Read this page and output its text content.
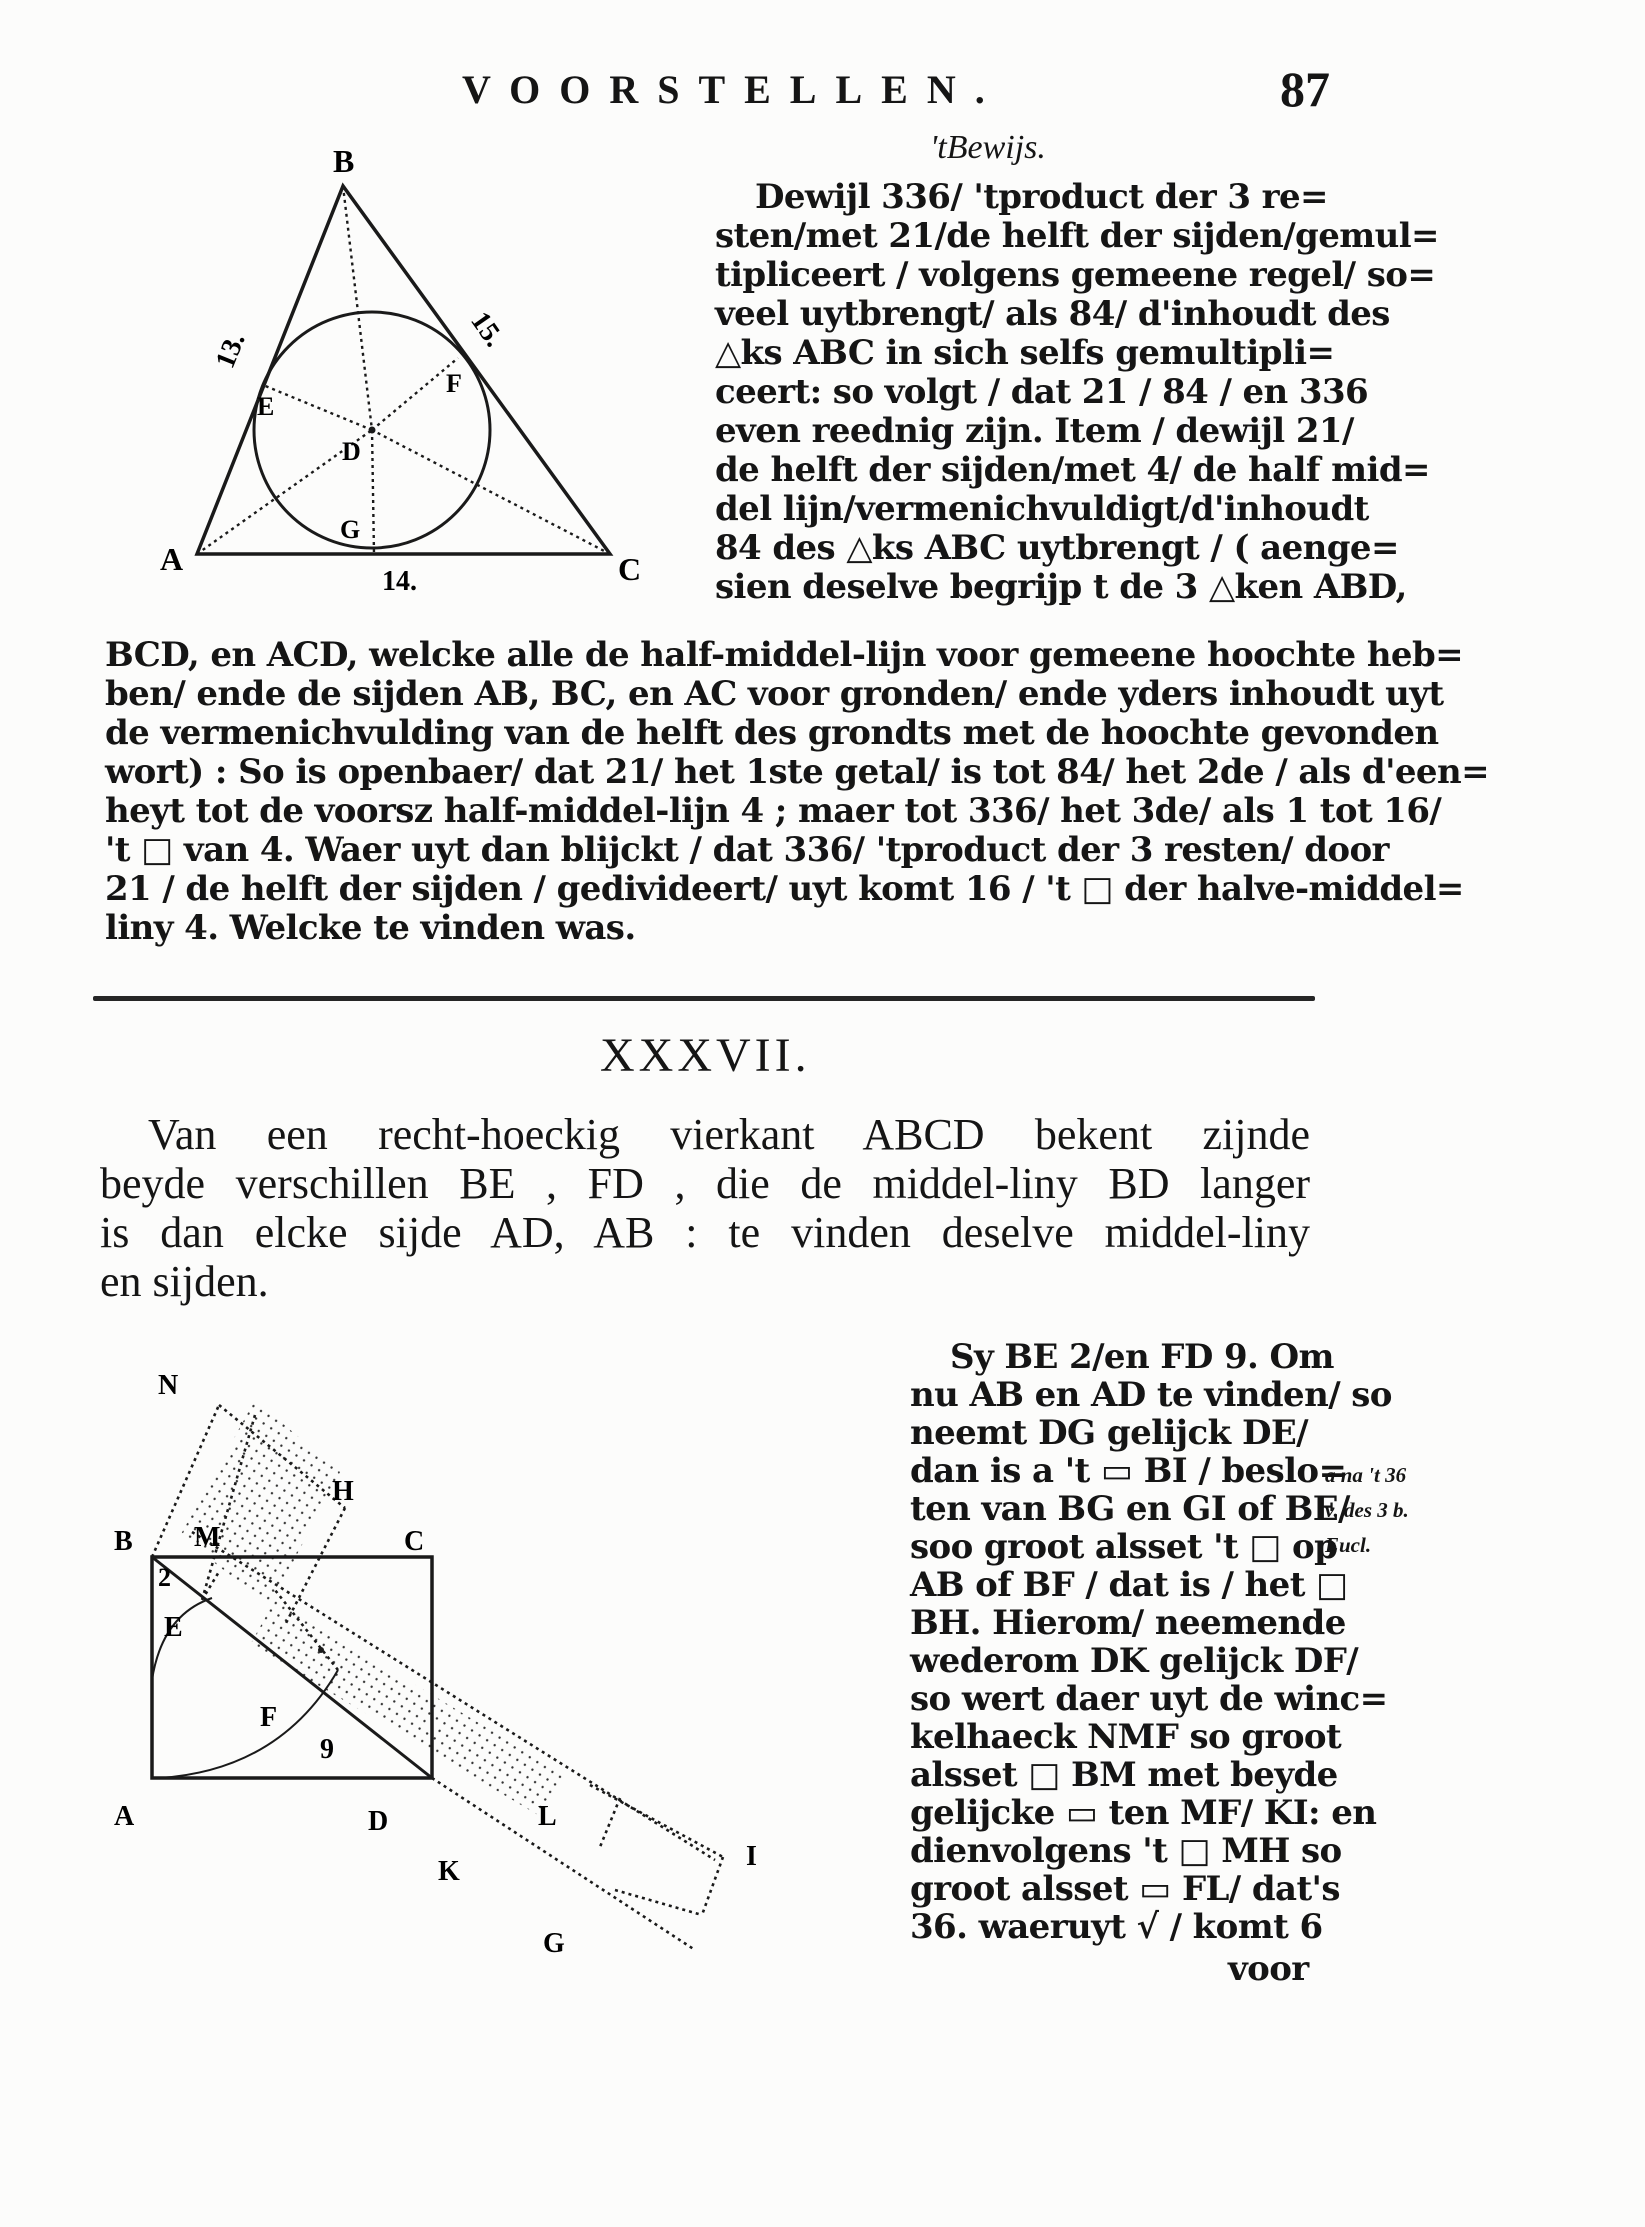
VOORSTELLEN.	87
A
B
C
D
E
F
G
13.	15.
14.
'tBewijs.
Dewijl 336/ 'tproduct der 3 re=
sten/met 21/de helft der sijden/gemul=
tipliceert / volgens gemeene regel/ so=
veel uytbrengt/ als 84/ d'inhoudt des
△ks ABC in sich selfs gemultipli=
ceert: so volgt / dat 21 / 84 / en 336
even reednig zijn. Item / dewijl 21/
de helft der sijden/met 4/ de half mid=
del lijn/vermenichvuldigt/d'inhoudt
84 des △ks ABC uytbrengt / ( aenge=
sien deselve begrijp t de 3 △ken ABD,
BCD, en ACD, welcke alle de half-middel-lijn voor gemeene hoochte heb=
ben/ ende de sijden AB, BC, en AC voor gronden/ ende yders inhoudt uyt
de vermenichvulding van de helft des grondts met de hoochte gevonden
wort) : So is openbaer/ dat 21/ het 1ste getal/ is tot 84/ het 2de / als d'een=
heyt tot de voorsz half-middel-lijn 4 ; maer tot 336/ het 3de/ als 1 tot 16/
't □ van 4. Waer uyt dan blijckt / dat 336/ 'tproduct der 3 resten/ door
21 / de helft der sijden / gedivideert/ uyt komt 16 / 't □ der halve-middel=
liny 4. Welcke te vinden was.
XXXVII.
Van een recht-hoeckig vierkant ABCD bekent zijnde
beyde verschillen BE , FD , die de middel-liny BD langer
is dan elcke sijde AD, AB : te vinden deselve middel-liny
en sijden.
N
H
B M	C
2
E
F
9
A	D	L
K	I
G
Sy BE 2/en FD 9. Om
nu AB en AD te vinden/ so
neemt DG gelijck DE/
dan is a 't ▭ BI / beslo=
ten van BG en GI of BE/
soo groot alsset 't □ op
AB of BF / dat is / het □
BH. Hierom/ neemende
wederom DK gelijck DF/
so wert daer uyt de winc=
kelhaeck NMF so groot
alsset □ BM met beyde
gelijcke ▭ ten MF/ KI: en
dienvolgens 't □ MH so
groot alsset ▭ FL/ dat's
36. waeruyt √ / komt 6
voor
a na 't 36
v. des 3 b.
Eucl.
